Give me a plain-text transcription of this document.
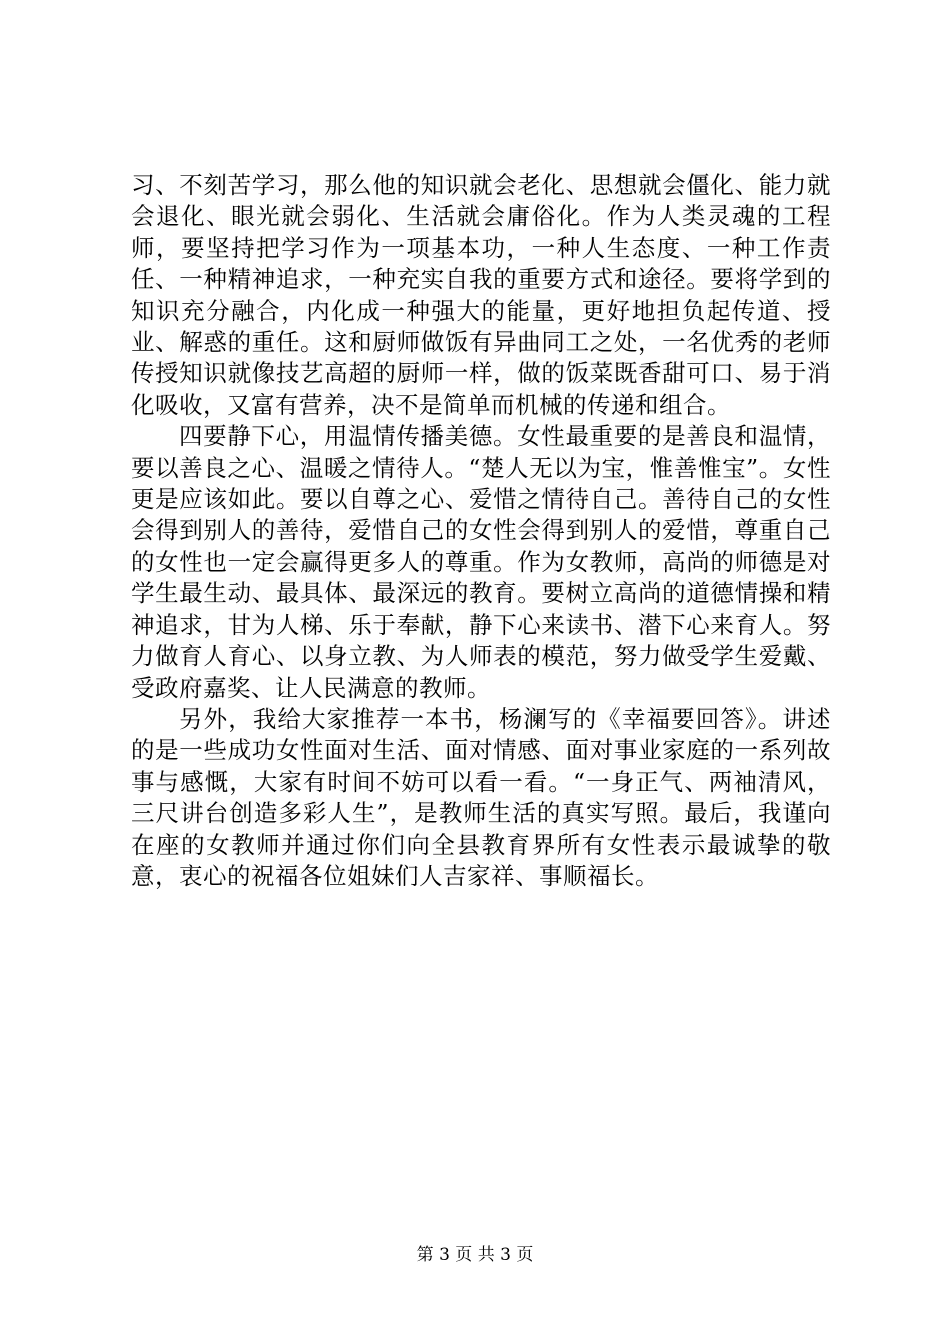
习、不刻苦学习，那么他的知识就会老化、思想就会僵化、能力就会退化、眼光就会弱化、生活就会庸俗化。作为人类灵魂的工程师，要坚持把学习作为一项基本功，一种人生态度、一种工作责任、一种精神追求，一种充实自我的重要方式和途径。要将学到的知识充分融合，内化成一种强大的能量，更好地担负起传道、授业、解惑的重任。这和厨师做饭有异曲同工之处，一名优秀的老师传授知识就像技艺高超的厨师一样，做的饭菜既香甜可口、易于消化吸收，又富有营养，决不是简单而机械的传递和组合。

四要静下心，用温情传播美德。女性最重要的是善良和温情，要以善良之心、温暖之情待人。“楚人无以为宝，惟善惟宝”。女性更是应该如此。要以自尊之心、爱惜之情待自己。善待自己的女性会得到别人的善待，爱惜自己的女性会得到别人的爱惜，尊重自己的女性也一定会赢得更多人的尊重。作为女教师，高尚的师德是对学生最生动、最具体、最深远的教育。要树立高尚的道德情操和精神追求，甘为人梯、乐于奉献，静下心来读书、潜下心来育人。努力做育人育心、以身立教、为人师表的模范，努力做受学生爱戴、受政府嘉奖、让人民满意的教师。

另外，我给大家推荐一本书，杨澜写的《幸福要回答》。讲述的是一些成功女性面对生活、面对情感、面对事业家庭的一系列故事与感慨，大家有时间不妨可以看一看。“一身正气、两袖清风，三尺讲台创造多彩人生”，是教师生活的真实写照。最后，我谨向在座的女教师并通过你们向全县教育界所有女性表示最诚挚的敬意，衷心的祝福各位姐妹们人吉家祥、事顺福长。

第 3 页 共 3 页
